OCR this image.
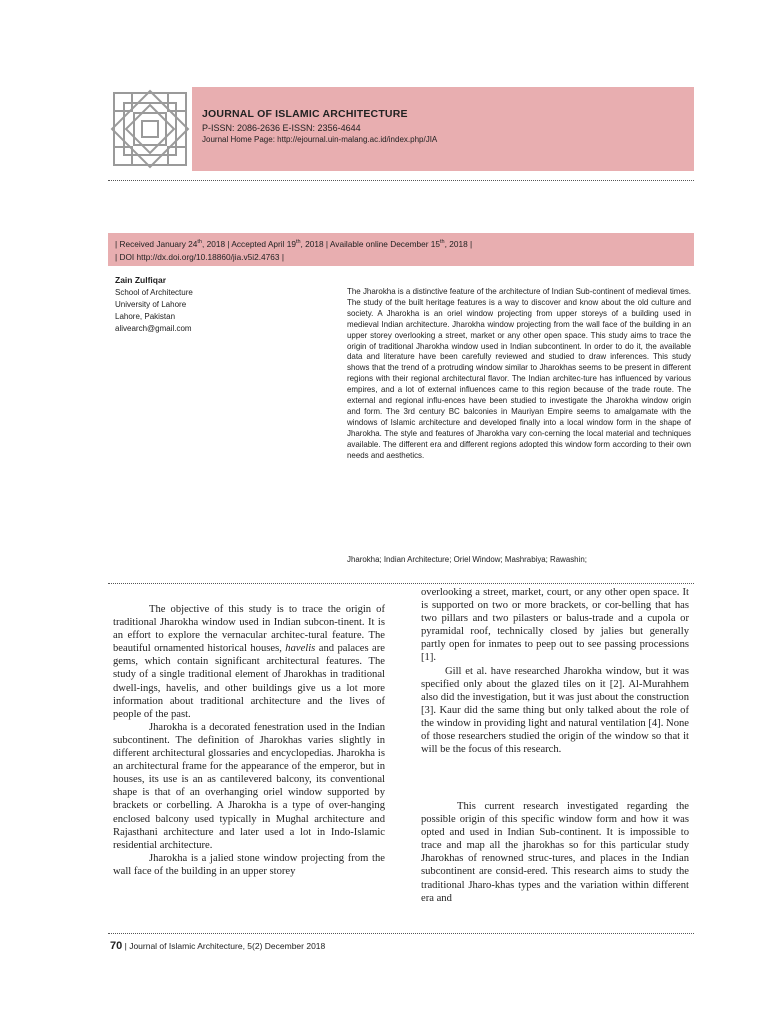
JOURNAL OF ISLAMIC ARCHITECTURE
P-ISSN: 2086-2636 E-ISSN: 2356-4644
Journal Home Page: http://ejournal.uin-malang.ac.id/index.php/JIA
| Received January 24th, 2018 | Accepted April 19th, 2018 | Available online December 15th, 2018 |
| DOI http://dx.doi.org/10.18860/jia.v5i2.4763 |
Zain Zulfiqar
School of Architecture
University of Lahore
Lahore, Pakistan
alivearch@gmail.com

The Jharokha is a distinctive feature of the architecture of Indian Sub-continent of medieval times. The study of the built heritage features is a way to discover and know about the old culture and society. A Jharokha is an oriel window projecting from upper storeys of a building used in medieval Indian architecture. Jharokha window projecting from the wall face of the building in an upper storey overlooking a street, market or any other open space. This study aims to trace the origin of traditional Jharokha window used in Indian subcontinent. In order to do it, the available data and literature have been carefully reviewed and studied to draw inferences. This study shows that the trend of a protruding window similar to Jharokhas seems to be present in different regions with their regional architectural flavor. The Indian architec-ture has influenced by various empires, and a lot of external influences came to this region because of the trade route. The external and regional influ-ences have been studied to investigate the Jharokha window origin and form. The 3rd century BC balconies in Mauriyan Empire seems to amalgamate with the windows of Islamic architecture and developed finally into a local window form in the shape of Jharokha. The style and features of Jharokha vary con-cerning the local material and techniques available. The different era and different regions adopted this window form according to their own needs and aesthetics.

Jharokha; Indian Architecture; Oriel Window; Mashrabiya; Rawashin;

The objective of this study is to trace the origin of traditional Jharokha window used in Indian subcon-tinent. It is an effort to explore the vernacular architec-tural feature. The beautiful ornamented historical houses, havelis and palaces are gems, which contain significant architectural features. The study of a single traditional element of Jharokhas in traditional dwell-ings, havelis, and other buildings give us a lot more information about traditional architecture and the lives of people of the past.

Jharokha is a decorated fenestration used in the Indian subcontinent. The definition of Jharokhas varies slightly in different architectural glossaries and encyclopedias. Jharokha is an architectural frame for the appearance of the emperor, but in houses, its use is an as cantilevered balcony, its conventional shape is that of an overhanging oriel window supported by brackets or corbelling. A Jharokha is a type of over-hanging enclosed balcony used typically in Mughal architecture and Rajasthani architecture and later used a lot in Indo-Islamic residential architecture.

Jharokha is a jalied stone window projecting from the wall face of the building in an upper storey

overlooking a street, market, court, or any other open space. It is supported on two or more brackets, or cor-belling that has two pillars and two pilasters or balus-trade and a cupola or pyramidal roof, technically closed by jalies but generally partly open for inmates to peep out to see passing processions [1].

Gill et al. have researched Jharokha window, but it was specified only about the glazed tiles on it [2]. Al-Murahhem also did the investigation, but it was just about the construction [3]. Kaur did the same thing but only talked about the role of the window in providing light and natural ventilation [4]. None of those researchers studied the origin of the window so that it will be the focus of this research.

This current research investigated regarding the possible origin of this specific window form and how it was opted and used in Indian Sub-continent. It is impossible to trace and map all the jharokhas so for this particular study Jharokhas of renowned struc-tures, and places in the Indian subcontinent are consid-ered. This research aims to study the traditional Jharo-khas types and the variation within different era and

70 | Journal of Islamic Architecture, 5(2) December 2018
